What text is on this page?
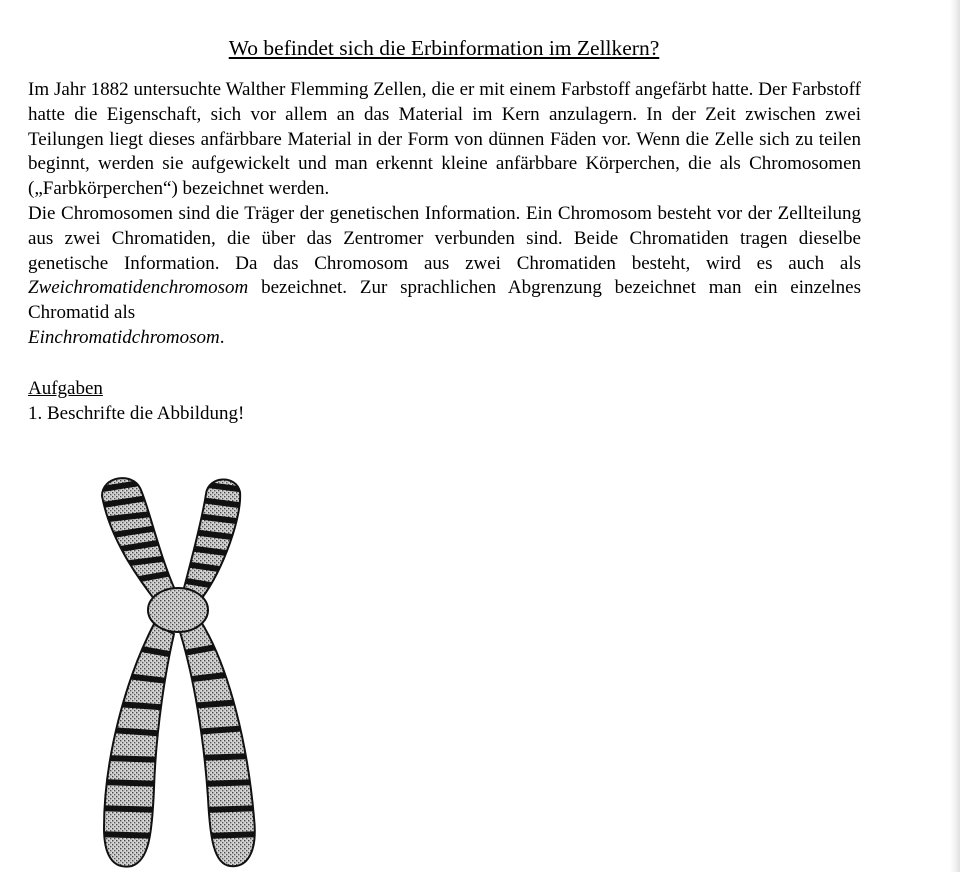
Wo befindet sich die Erbinformation im Zellkern?

Im Jahr 1882 untersuchte Walther Flemming Zellen, die er mit einem Farbstoff angefärbt hatte. Der Farbstoff hatte die Eigenschaft, sich vor allem an das Material im Kern anzulagern. In der Zeit zwischen zwei Teilungen liegt dieses anfärbbare Material in der Form von dünnen Fäden vor. Wenn die Zelle sich zu teilen beginnt, werden sie aufgewickelt und man erkennt kleine anfärbbare Körperchen, die als Chromosomen („Farbkörperchen“) bezeichnet werden.

Die Chromosomen sind die Träger der genetischen Information. Ein Chromosom besteht vor der Zellteilung aus zwei Chromatiden, die über das Zentromer verbunden sind. Beide Chromatiden tragen dieselbe genetische Information. Da das Chromosom aus zwei Chromatiden besteht, wird es auch als Zweichromatidenchromosom bezeichnet. Zur sprachlichen Abgrenzung bezeichnet man ein einzelnes Chromatid als
Einchromatidchromosom.

Aufgaben
1. Beschrifte die Abbildung!
